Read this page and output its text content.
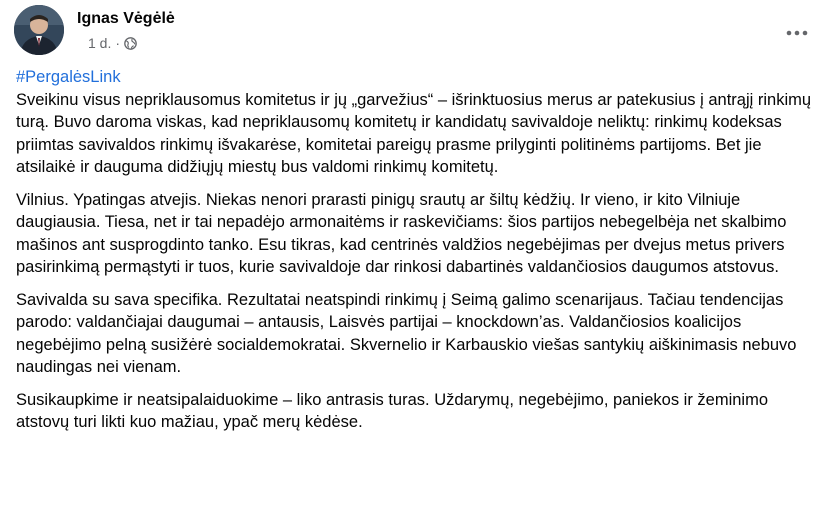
Ignas Vėgėlė
1 d. ·
#PergalėsLink

Sveikinu visus nepriklausomus komitetus ir jų „garvežius“ – išrinktuosius merus ar patekusius į antrąjį rinkimų turą. Buvo daroma viskas, kad nepriklausomų komitetų ir kandidatų savivaldoje neliktų: rinkimų kodeksas priimtas savivaldos rinkimų išvakarėse, komitetai pareigų prasme prilyginti politinėms partijoms. Bet jie atsilaikė ir dauguma didžiųjų miestų bus valdomi rinkimų komitetų.

Vilnius. Ypatingas atvejis. Niekas nenori prarasti pinigų srautų ar šiltų kėdžių. Ir vieno, ir kito Vilniuje daugiausia. Tiesa, net ir tai nepadėjo armonaitėms ir raskevičiams: šios partijos nebegelbėja net skalbimo mašinos ant susprogdinto tanko. Esu tikras, kad centrinės valdžios negebėjimas per dvejus metus privers pasirinkimą permąstyti ir tuos, kurie savivaldoje dar rinkosi dabartinės valdančiosios daugumos atstovus.

Savivalda su sava specifika. Rezultatai neatspindi rinkimų į Seimą galimo scenarijaus. Tačiau tendencijas parodo: valdančiajai daugumai – antausis, Laisvės partijai – knockdown’as. Valdančiosios koalicijos negebėjimo pelną susižėrė socialdemokratai. Skvernelio ir Karbauskio viešas santykių aiškinimasis nebuvo naudingas nei vienam.

Susikaupkime ir neatsipalaiduokime – liko antrasis turas. Uždarymų, negebėjimo, paniekos ir žeminimo atstovų turi likti kuo mažiau, ypač merų kėdėse.
